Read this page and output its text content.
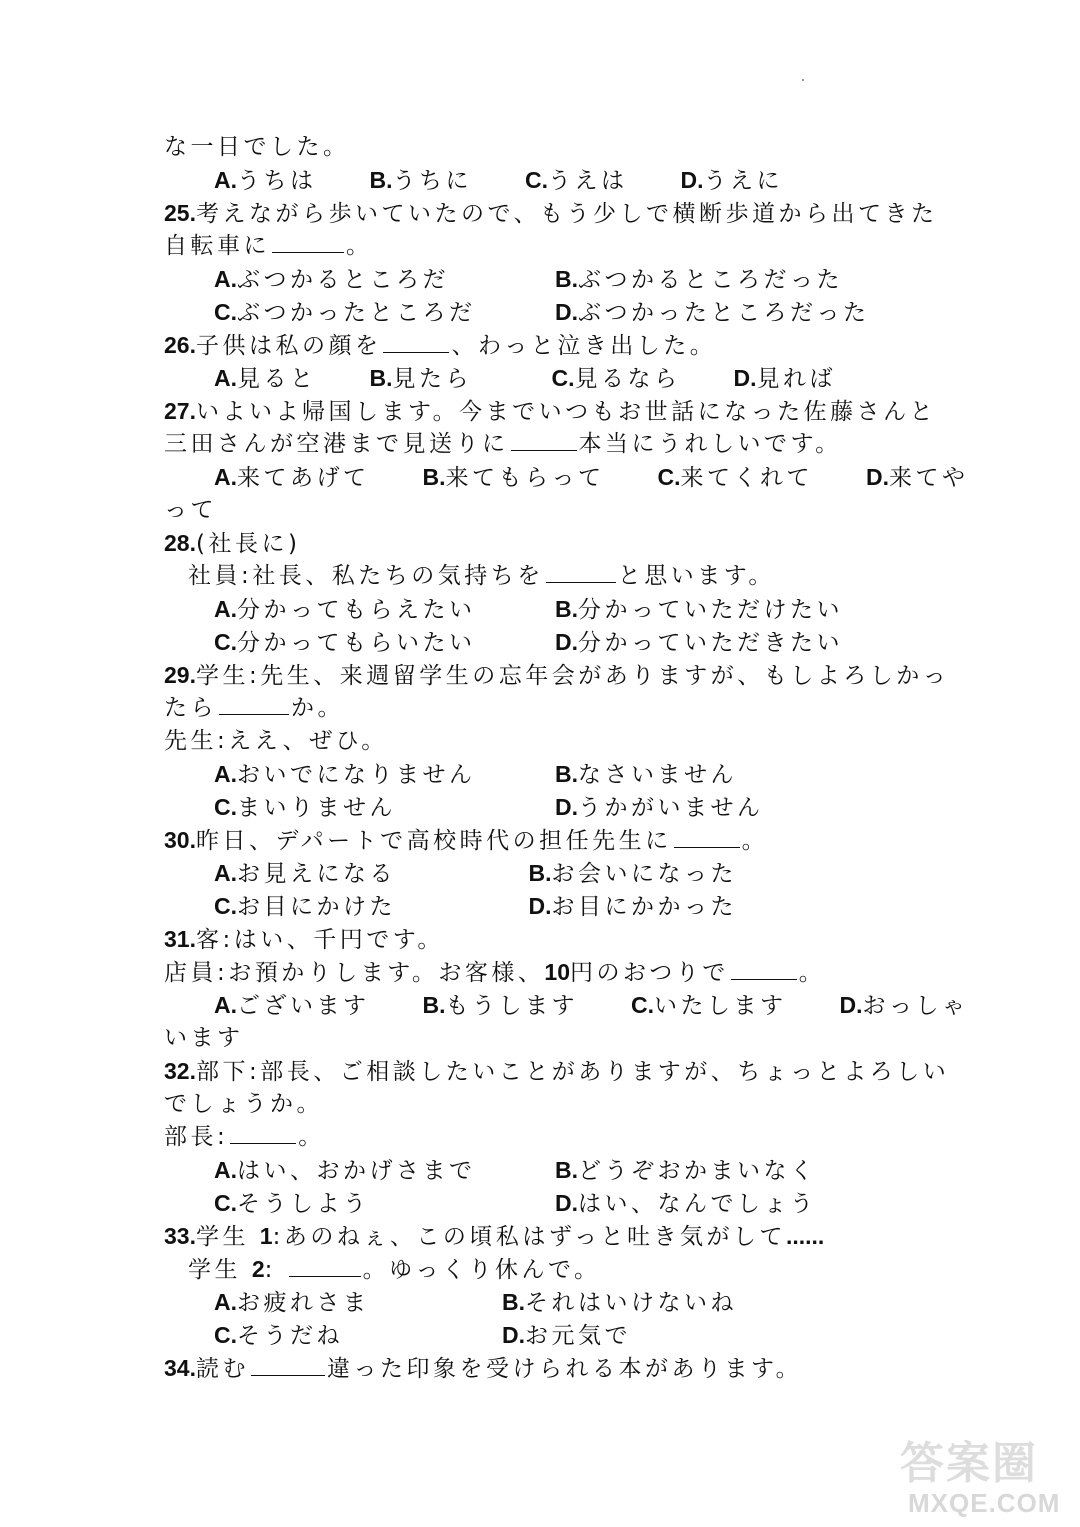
な一日でした。
A.うちは　　B.うちに　　C.うえは　　D.うえに
25.考えながら歩いていたので、もう少しで横断歩道から出てきた
自転車に	。
A.ぶつかるところだ　　　　B.ぶつかるところだった
C.ぶつかったところだ　　　D.ぶつかったところだった
26.子供は私の顔を	、わっと泣き出した。
A.見ると　　B.見たら　　　C.見るなら　　D.見れば
27.いよいよ帰国します。今までいつもお世話になった佐藤さんと
三田さんが空港まで見送りに	本当にうれしいです。
A.来てあげて　　B.来てもらって　　C.来てくれて　　D.来てや
って
28.(社長に)
社員:社長、私たちの気持ちを	と思います。
A.分かってもらえたい　　　B.分かっていただけたい
C.分かってもらいたい　　　D.分かっていただきたい
29.学生:先生、来週留学生の忘年会がありますが、もしよろしかっ
たら	か。
先生:ええ、ぜひ。
A.おいでになりません　　　B.なさいません
C.まいりません　　　　　　D.うかがいません
30.昨日、デパートで高校時代の担任先生に	。
A.お見えになる　　　　　B.お会いになった
C.お目にかけた　　　　　D.お目にかかった
31.客:はい、千円です。
店員:お預かりします。お客様、10円のおつりで	。
A.ございます　　B.もうします　　C.いたします　　D.おっしゃ
います
32.部下:部長、ご相談したいことがありますが、ちょっとよろしい
でしょうか。
部長:	。
A.はい、おかげさまで　　　B.どうぞおかまいなく
C.そうしよう　　　　　　　D.はい、なんでしょう
33.学生 1:あのねぇ、この頃私はずっと吐き気がして......
学生 2:	。ゆっくり休んで。
A.お疲れさま　　　　　B.それはいけないね
C.そうだね　　　　　　D.お元気で
34.読む	違った印象を受けられる本があります。
答案圈
MXQE.COM
